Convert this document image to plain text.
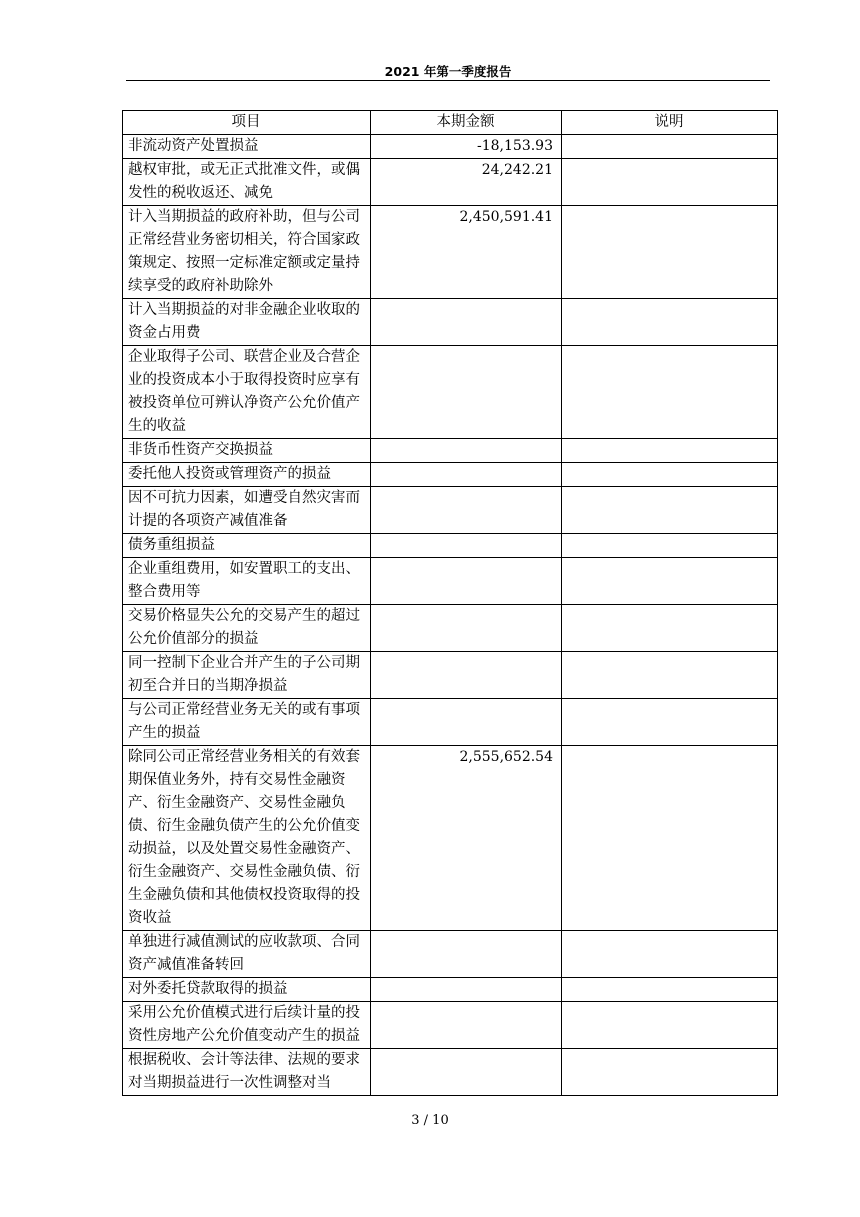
2021 年第一季度报告
项目	本期金额	说明
非流动资产处置损益	-18,153.93	
越权审批，或无正式批准文件，或偶发性的税收返还、减免	24,242.21	
计入当期损益的政府补助，但与公司正常经营业务密切相关，符合国家政策规定、按照一定标准定额或定量持续享受的政府补助除外	2,450,591.41	
计入当期损益的对非金融企业收取的资金占用费		
企业取得子公司、联营企业及合营企业的投资成本小于取得投资时应享有被投资单位可辨认净资产公允价值产生的收益		
非货币性资产交换损益		
委托他人投资或管理资产的损益		
因不可抗力因素，如遭受自然灾害而计提的各项资产减值准备		
债务重组损益		
企业重组费用，如安置职工的支出、整合费用等		
交易价格显失公允的交易产生的超过公允价值部分的损益		
同一控制下企业合并产生的子公司期初至合并日的当期净损益		
与公司正常经营业务无关的或有事项产生的损益		
除同公司正常经营业务相关的有效套期保值业务外，持有交易性金融资产、衍生金融资产、交易性金融负债、衍生金融负债产生的公允价值变动损益，以及处置交易性金融资产、衍生金融资产、交易性金融负债、衍生金融负债和其他债权投资取得的投资收益	2,555,652.54	
单独进行减值测试的应收款项、合同资产减值准备转回		
对外委托贷款取得的损益		
采用公允价值模式进行后续计量的投资性房地产公允价值变动产生的损益		
根据税收、会计等法律、法规的要求对当期损益进行一次性调整对当		
3 / 10
